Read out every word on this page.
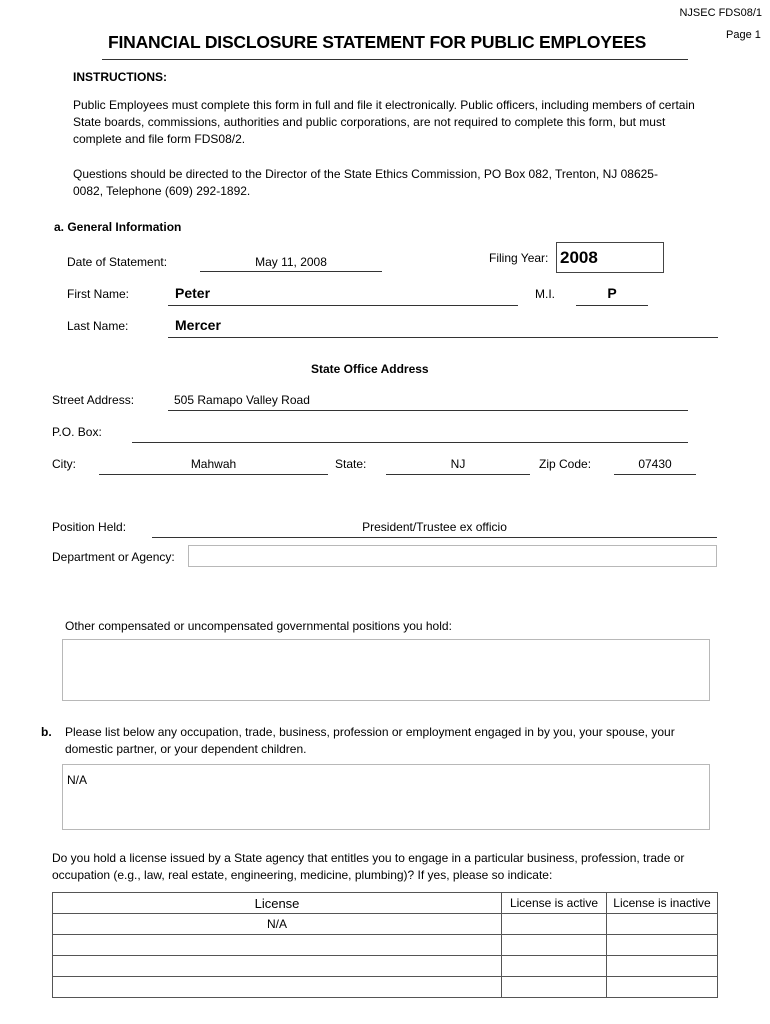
NJSEC FDS08/1
Page 1
FINANCIAL DISCLOSURE STATEMENT FOR PUBLIC EMPLOYEES
INSTRUCTIONS:
Public Employees must complete this form in full and file it electronically. Public officers, including members of certain State boards, commissions, authorities and public corporations, are not required to complete this form, but must complete and file form FDS08/2.
Questions should be directed to the Director of the State Ethics Commission, PO Box 082, Trenton, NJ 08625-0082, Telephone (609) 292-1892.
a. General Information
Date of Statement:	May 11, 2008	Filing Year: 2008
First Name:	Peter	M.I.	P
Last Name:	Mercer
State Office Address
Street Address:	505 Ramapo Valley Road
P.O. Box:
City:	Mahwah	State:	NJ	Zip Code:	07430
Position Held:	President/Trustee ex officio
Department or Agency:
Other compensated or uncompensated governmental positions you hold:
b. Please list below any occupation, trade, business, profession or employment engaged in by you, your spouse, your domestic partner, or your dependent children.
N/A
Do you hold a license issued by a State agency that entitles you to engage in a particular business, profession, trade or occupation (e.g., law, real estate, engineering, medicine, plumbing)? If yes, please so indicate:
License	License is active	License is inactive
N/A		
